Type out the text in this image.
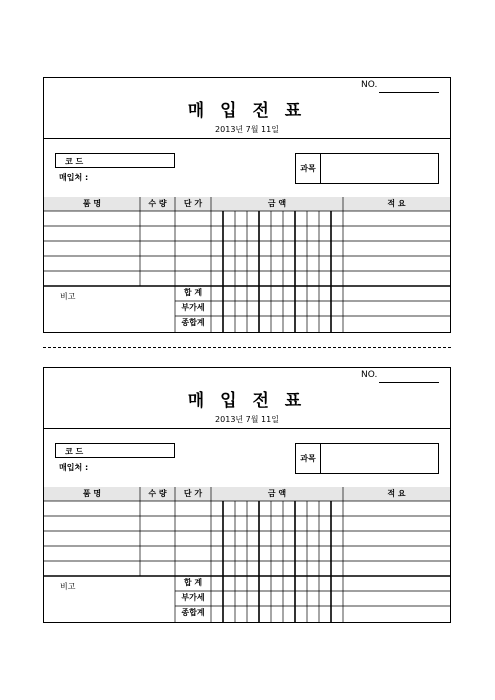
NO.
매 입 전 표
2013년 7월 11일
코 드
매입처 :
과목
품 명	수 량	단 가	금 액	적 요
비고	합 계
부가세
종합계
NO.
매 입 전 표
2013년 7월 11일
코 드
매입처 :
과목
품 명	수 량	단 가	금 액	적 요
비고	합 계
부가세
종합계
